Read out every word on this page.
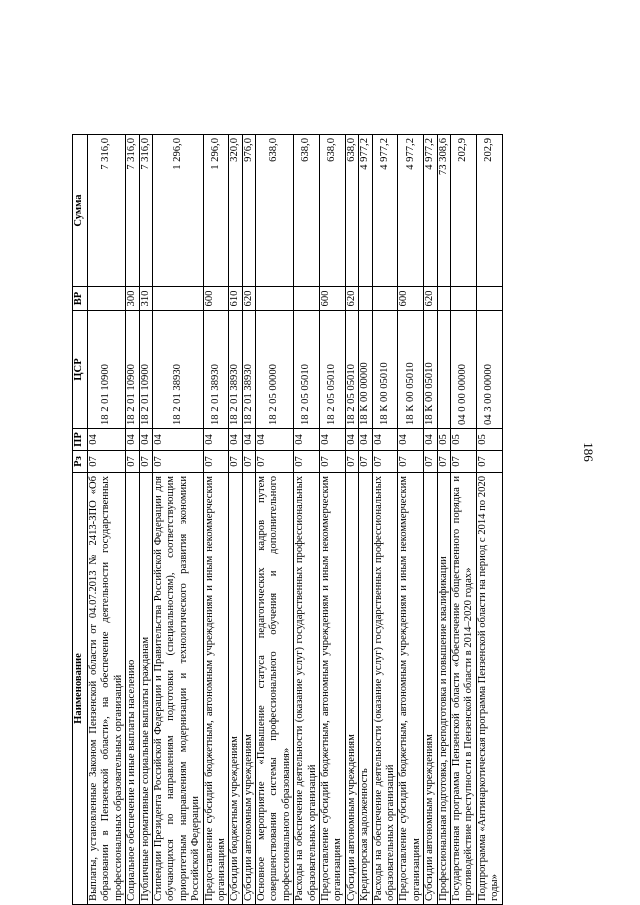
186
Наименование	Рз	ПР	ЦСР	ВР	Сумма
Выплаты, установленные Законом Пензенской области от 04.07.2013 № 2413-ЗПО «Об образовании в Пензенской области», на обеспечение деятельности государственных профессиональных образовательных организаций	07	04	18 2 01 10900		7 316,0
Социальное обеспечение и иные выплаты населению	07	04	18 2 01 10900	300	7 316,0
Публичные нормативные социальные выплаты гражданам	07	04	18 2 01 10900	310	7 316,0
Стипендии Президента Российской Федерации и Правительства Российской Федерации для обучающихся по направлениям подготовки (специальностям), соответствующим приоритетным направлениям модернизации и технологического развития экономики Российской Федерации	07	04	18 2 01 38930		1 296,0
Предоставление субсидий бюджетным, автономным учреждениям и иным некоммерческим организациям	07	04	18 2 01 38930	600	1 296,0
Субсидии бюджетным учреждениям	07	04	18 2 01 38930	610	320,0
Субсидии автономным учреждениям	07	04	18 2 01 38930	620	976,0
Основное мероприятие «Повышение статуса педагогических кадров путем совершенствования системы профессионального обучения и дополнительного профессионального образования»	07	04	18 2 05 00000		638,0
Расходы на обеспечение деятельности (оказание услуг) государственных профессиональных образовательных организаций	07	04	18 2 05 05010		638,0
Предоставление субсидий бюджетным, автономным учреждениям и иным некоммерческим организациям	07	04	18 2 05 05010	600	638,0
Субсидии автономным учреждениям	07	04	18 2 05 05010	620	638,0
Кредиторская задолженность	07	04	18 К 00 00000		4 977,2
Расходы на обеспечение деятельности (оказание услуг) государственных профессиональных образовательных организаций	07	04	18 К 00 05010		4 977,2
Предоставление субсидий бюджетным, автономным учреждениям и иным некоммерческим организациям	07	04	18 К 00 05010	600	4 977,2
Субсидии автономным учреждениям	07	04	18 К 00 05010	620	4 977,2
Профессиональная подготовка, переподготовка и повышение квалификации	07	05			73 308,6
Государственная программа Пензенской области «Обеспечение общественного порядка и противодействие преступности в Пензенской области в 2014–2020 годах»	07	05	04 0 00 00000		202,9
Подпрограмма «Антинаркотическая программа Пензенской области на период с 2014 по 2020 годы»	07	05	04 3 00 00000		202,9
